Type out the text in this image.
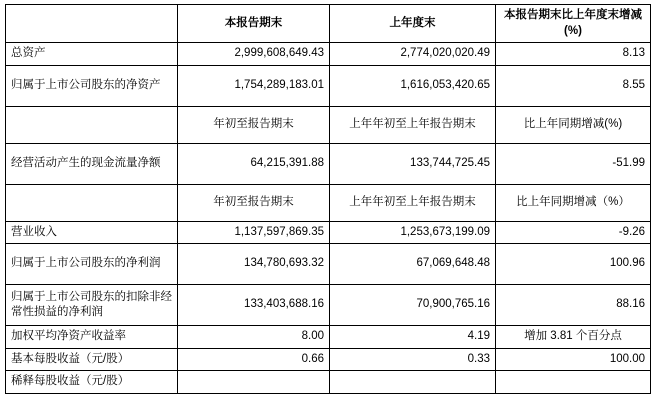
	本报告期末	上年度末	本报告期末比上年度末增减(%)
总资产	2,999,608,649.43	2,774,020,020.49	8.13
归属于上市公司股东的净资产	1,754,289,183.01	1,616,053,420.65	8.55
	年初至报告期末	上年年初至上年报告期末	比上年同期增减(%)
经营活动产生的现金流量净额	64,215,391.88	133,744,725.45	-51.99
	年初至报告期末	上年年初至上年报告期末	比上年同期增减（%）
营业收入	1,137,597,869.35	1,253,673,199.09	-9.26
归属于上市公司股东的净利润	134,780,693.32	67,069,648.48	100.96
归属于上市公司股东的扣除非经常性损益的净利润	133,403,688.16	70,900,765.16	88.16
加权平均净资产收益率	8.00	4.19	增加 3.81 个百分点
基本每股收益（元/股）	0.66	0.33	100.00
稀释每股收益（元/股）			
